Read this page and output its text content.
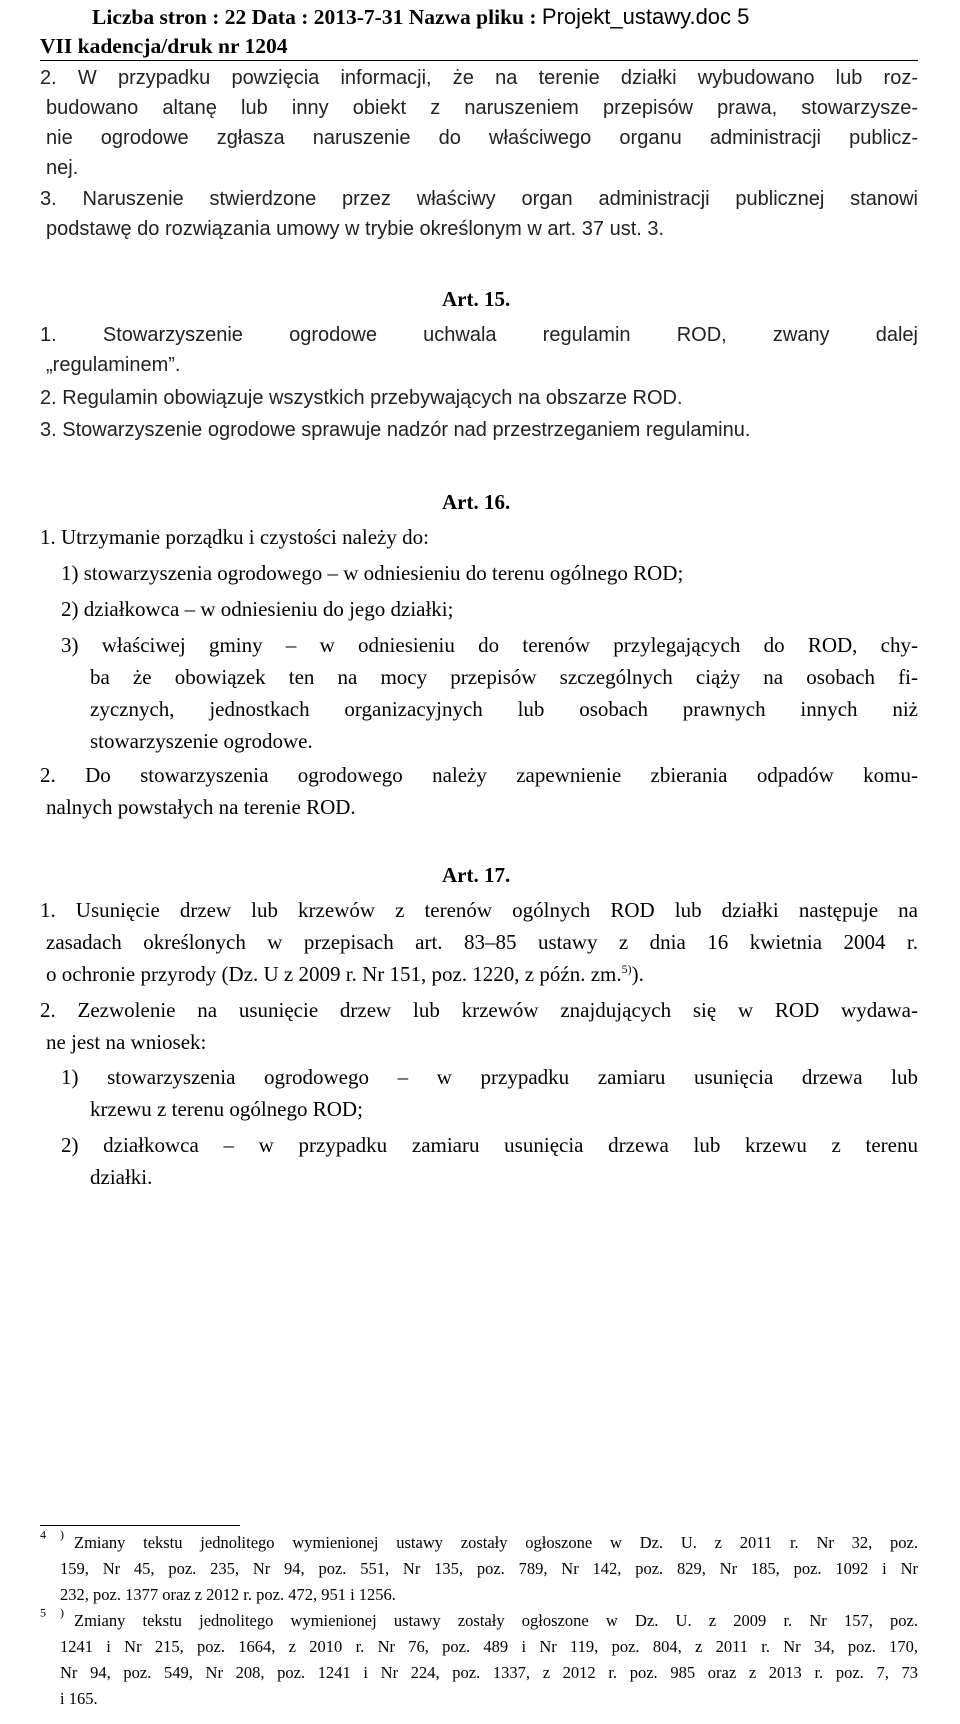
Liczba stron : 22 Data : 2013-7-31 Nazwa pliku : Projekt_ustawy.doc 5
VII kadencja/druk nr 1204
2. W przypadku powzięcia informacji, że na terenie działki wybudowano lub roz-
budowano altanę lub inny obiekt z naruszeniem przepisów prawa, stowarzysze-
nie ogrodowe zgłasza naruszenie do właściwego organu administracji publicz-
nej.
3. Naruszenie stwierdzone przez właściwy organ administracji publicznej stanowi
podstawę do rozwiązania umowy w trybie określonym w art. 37 ust. 3.
Art. 15.
1. Stowarzyszenie ogrodowe uchwala regulamin ROD, zwany dalej
„regulaminem”.
2. Regulamin obowiązuje wszystkich przebywających na obszarze ROD.
3. Stowarzyszenie ogrodowe sprawuje nadzór nad przestrzeganiem regulaminu.
Art. 16.
1. Utrzymanie porządku i czystości należy do:
1) stowarzyszenia ogrodowego – w odniesieniu do terenu ogólnego ROD;
2) działkowca – w odniesieniu do jego działki;
3) właściwej gminy – w odniesieniu do terenów przylegających do ROD, chy-
ba że obowiązek ten na mocy przepisów szczególnych ciąży na osobach fi-
zycznych, jednostkach organizacyjnych lub osobach prawnych innych niż
stowarzyszenie ogrodowe.
2. Do stowarzyszenia ogrodowego należy zapewnienie zbierania odpadów komu-
nalnych powstałych na terenie ROD.
Art. 17.
1. Usunięcie drzew lub krzewów z terenów ogólnych ROD lub działki następuje na
zasadach określonych w przepisach art. 83–85 ustawy z dnia 16 kwietnia 2004 r.
o ochronie przyrody (Dz. U z 2009 r. Nr 151, poz. 1220, z późn. zm.$^{5)}$).
2. Zezwolenie na usunięcie drzew lub krzewów znajdujących się w ROD wydawa-
ne jest na wniosek:
1) stowarzyszenia ogrodowego – w przypadku zamiaru usunięcia drzewa lub
krzewu z terenu ogólnego ROD;
2) działkowca – w przypadku zamiaru usunięcia drzewa lub krzewu z terenu
działki.
$^4$ ) Zmiany tekstu jednolitego wymienionej ustawy zostały ogłoszone w Dz. U. z 2011 r. Nr 32, poz.
159, Nr 45, poz. 235, Nr 94, poz. 551, Nr 135, poz. 789, Nr 142, poz. 829, Nr 185, poz. 1092 i Nr
232, poz. 1377 oraz z 2012 r. poz. 472, 951 i 1256.
$^5$ ) Zmiany tekstu jednolitego wymienionej ustawy zostały ogłoszone w Dz. U. z 2009 r. Nr 157, poz.
1241 i Nr 215, poz. 1664, z 2010 r. Nr 76, poz. 489 i Nr 119, poz. 804, z 2011 r. Nr 34, poz. 170,
Nr 94, poz. 549, Nr 208, poz. 1241 i Nr 224, poz. 1337, z 2012 r. poz. 985 oraz z 2013 r. poz. 7, 73
i 165.
